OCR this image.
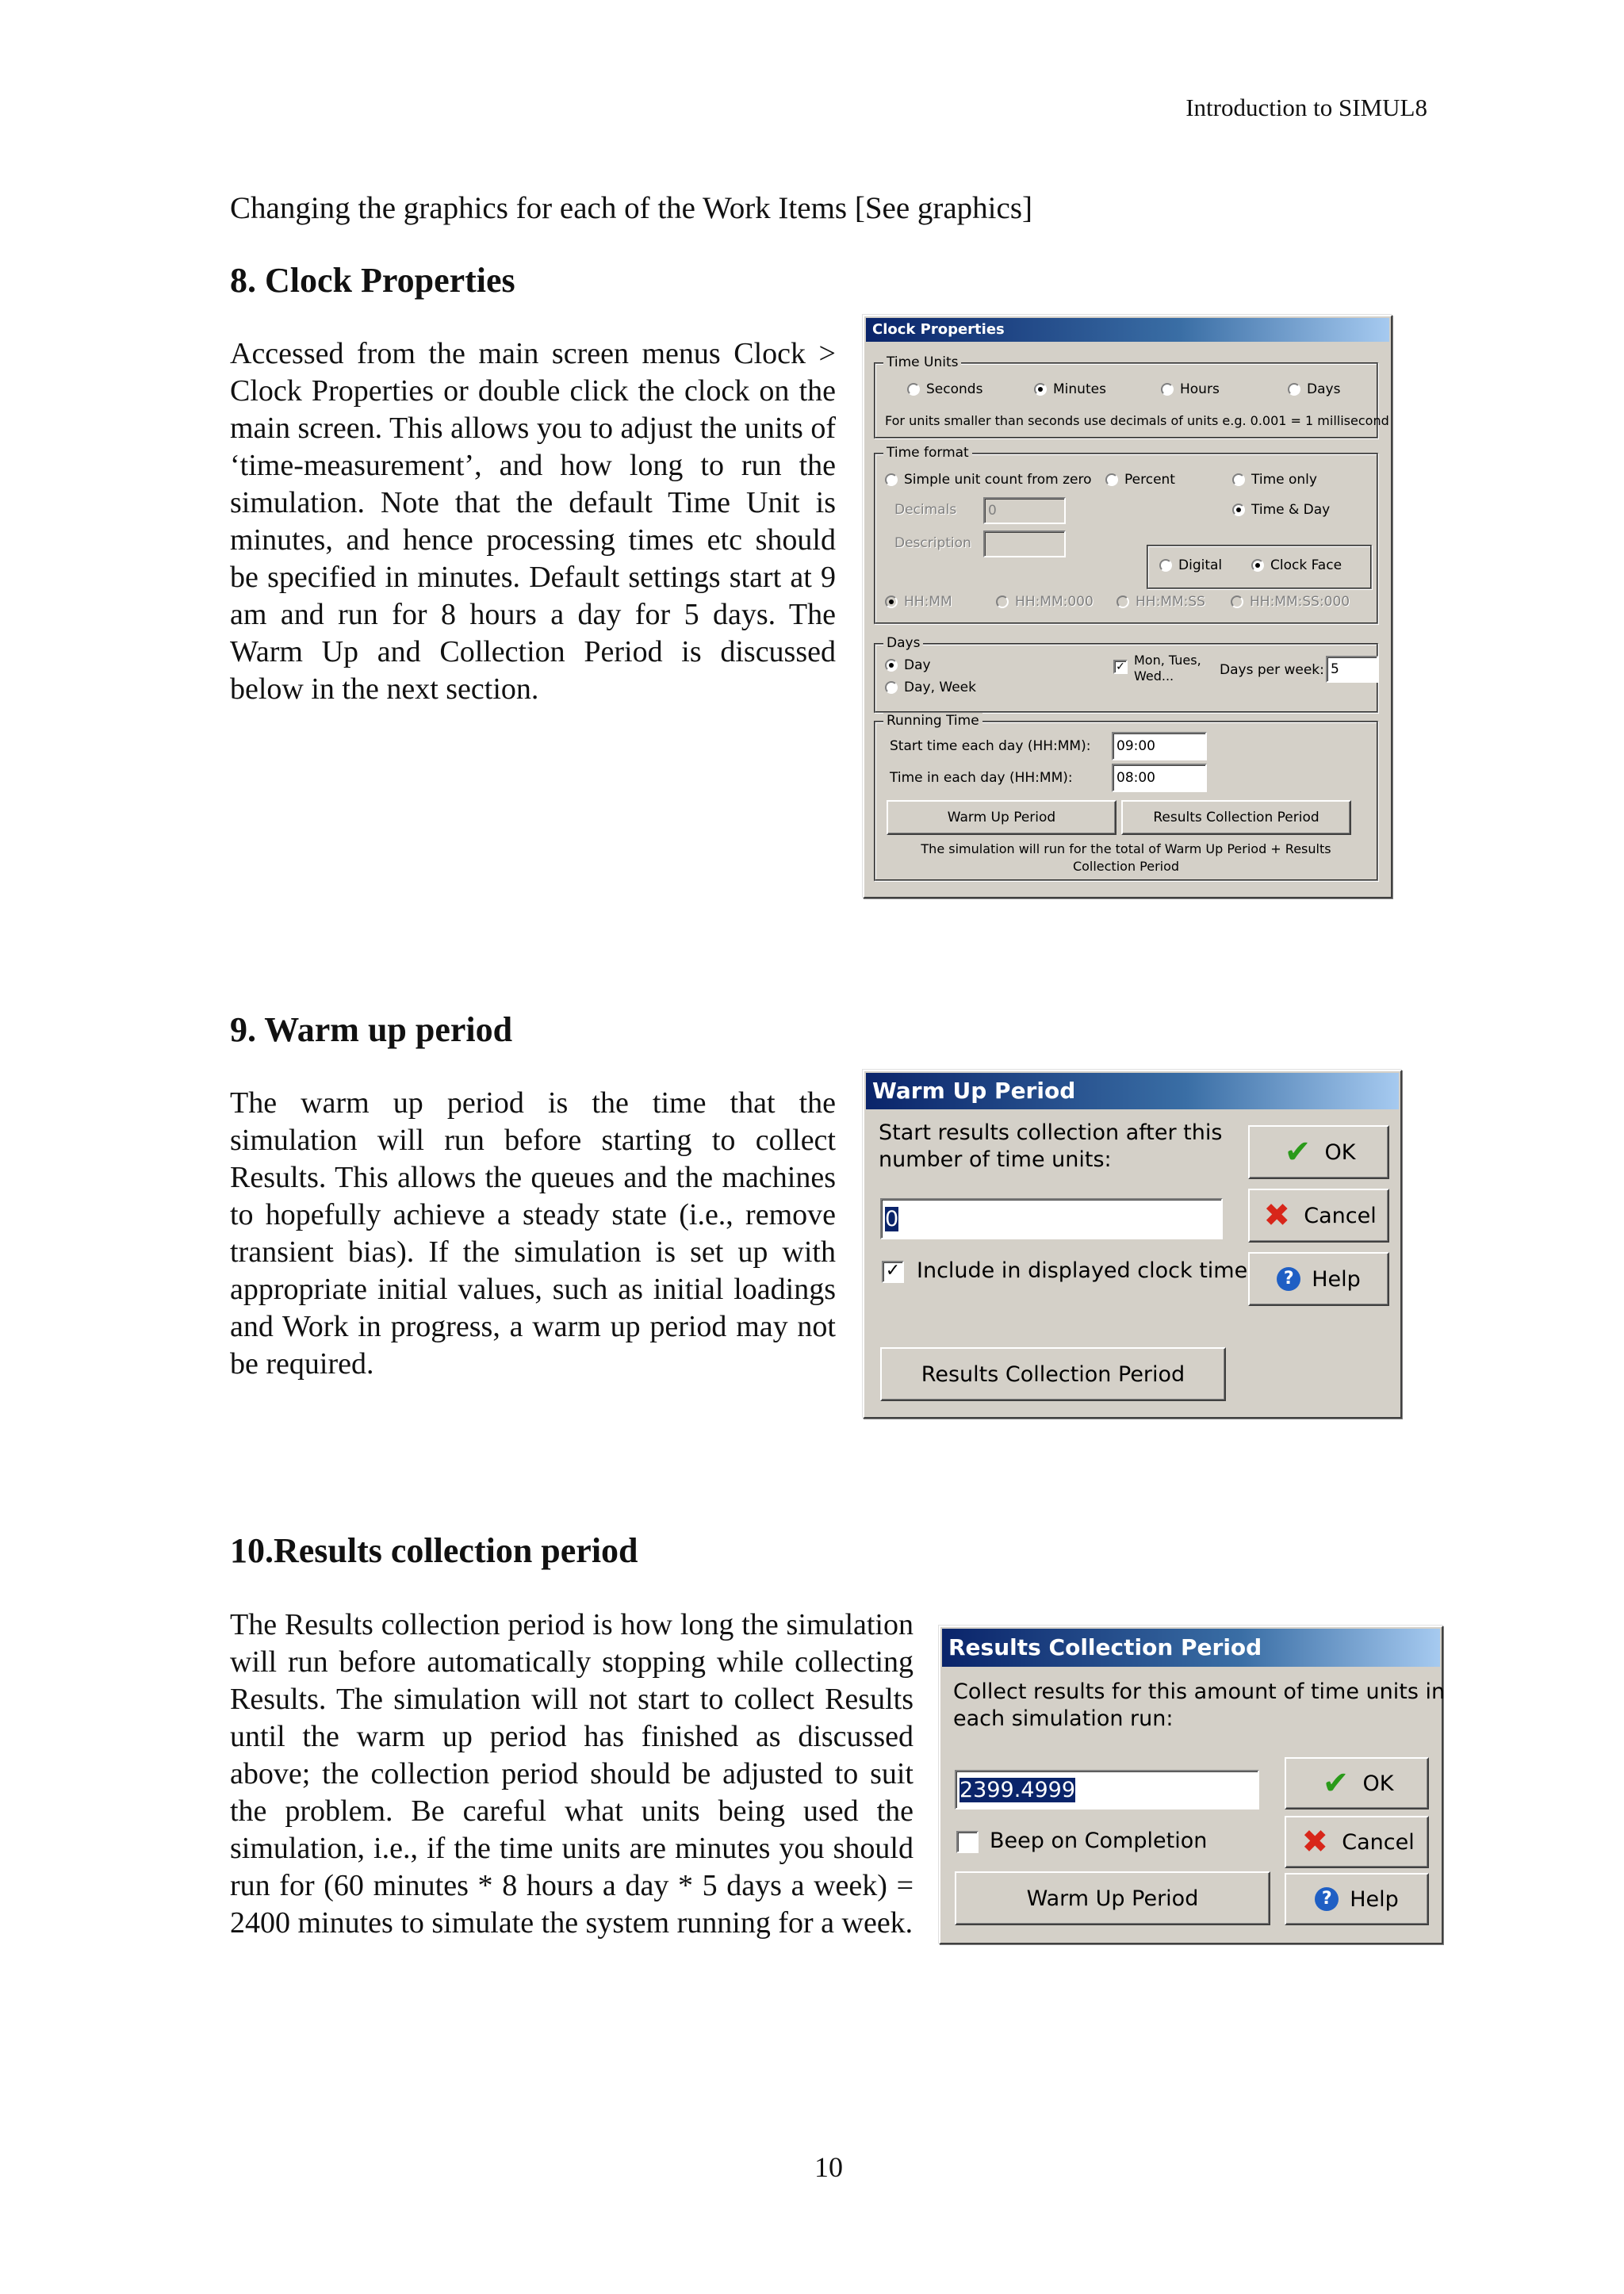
Introduction to SIMUL8
Changing the graphics for each of the Work Items [See graphics]
8. Clock Properties
Accessed from the main screen menus Clock > Clock Properties or double click the clock on the main screen. This allows you to adjust the units of ‘time-measurement’, and how long to run the simulation. Note that the default Time Unit is minutes, and hence processing times etc should be specified in minutes. Default settings start at 9 am and run for 8 hours a day for 5 days. The Warm Up and Collection Period is discussed below in the next section.
9. Warm up period
The warm up period is the time that the simulation will run before starting to collect Results. This allows the queues and the machines to hopefully achieve a steady state (i.e., remove transient bias). If the simulation is set up with appropriate initial values, such as initial loadings and Work in progress, a warm up period may not be required.
10.Results collection period
The Results collection period is how long the simulation will run before automatically stopping while collecting Results. The simulation will not start to collect Results until the warm up period has finished as discussed above; the collection period should be adjusted to suit the problem. Be careful what units being used the simulation, i.e., if the time units are minutes you should run for (60 minutes * 8 hours a day * 5 days a week) = 2400 minutes to simulate the system running for a week.
10
Clock Properties
Time Units
Seconds	Minutes	Hours	Days
For units smaller than seconds use decimals of units e.g. 0.001 = 1 millisecond
Time format
Simple unit count from zero	Percent	Time only
Time & Day
Decimals	0
Description
Digital	Clock Face
HH:MM	HH:MM:000	HH:MM:SS	HH:MM:SS:000
Days
Day
Day, Week
✓ Mon, Tues,
Wed...	Days per week: 5
Running Time
Start time each day (HH:MM):	09:00
Time in each day (HH:MM):	08:00
Warm Up Period	Results Collection Period
The simulation will run for the total of Warm Up Period + Results
Collection Period
Warm Up Period
Start results collection after this
number of time units:
0
✓ Include in displayed clock time
Results Collection Period
✔ OK
✖ Cancel
? Help
Results Collection Period
Collect results for this amount of time units in
each simulation run:
2399.4999
Beep on Completion
Warm Up Period
✔ OK
✖ Cancel
? Help
